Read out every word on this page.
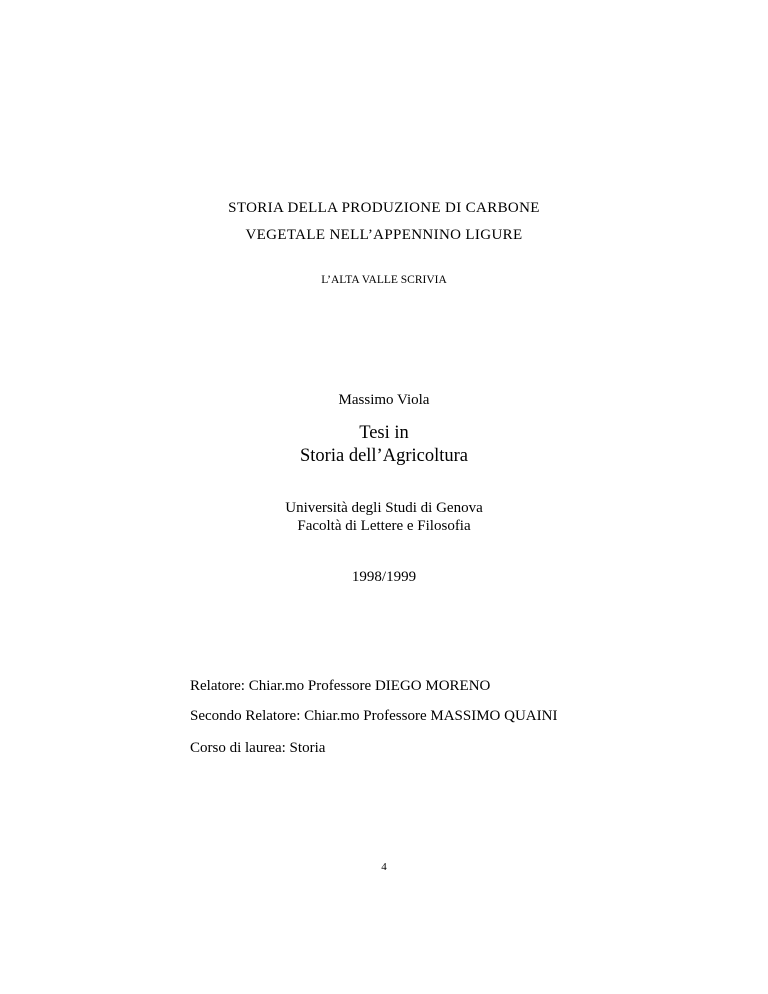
STORIA DELLA PRODUZIONE DI CARBONE
VEGETALE NELL’APPENNINO LIGURE
L’ALTA VALLE SCRIVIA
Massimo Viola
Tesi in
Storia dell’Agricoltura
Università degli Studi di Genova
Facoltà di Lettere e Filosofia
1998/1999
Relatore: Chiar.mo Professore DIEGO MORENO
Secondo Relatore: Chiar.mo Professore MASSIMO QUAINI
Corso di laurea: Storia
4
